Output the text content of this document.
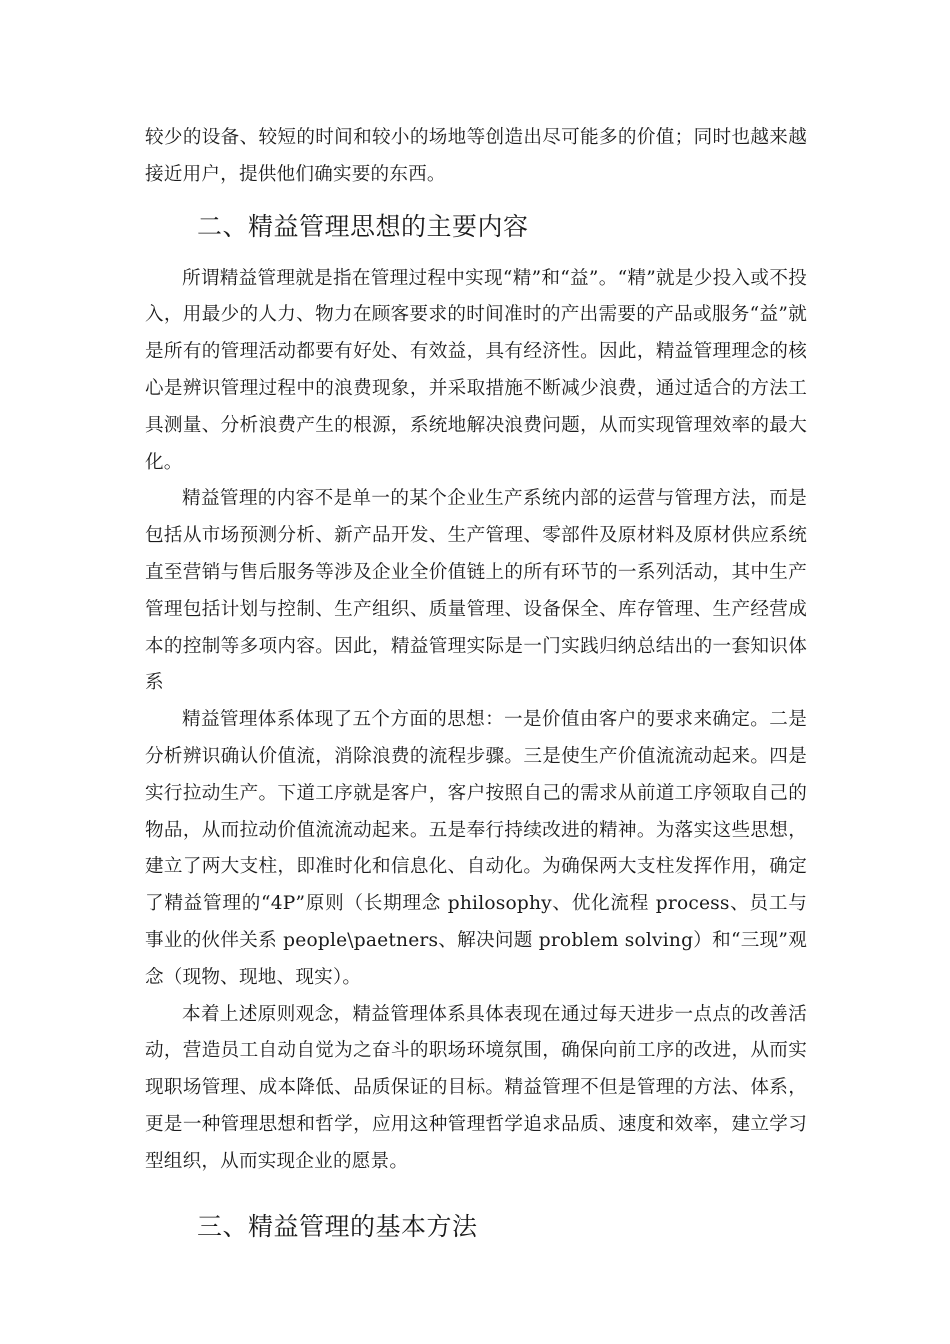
较少的设备、较短的时间和较小的场地等创造出尽可能多的价值；同时也越来越接近用户，提供他们确实要的东西。

二、精益管理思想的主要内容

所谓精益管理就是指在管理过程中实现“精”和“益”。“精”就是少投入或不投入，用最少的人力、物力在顾客要求的时间准时的产出需要的产品或服务“益”就是所有的管理活动都要有好处、有效益，具有经济性。因此，精益管理理念的核心是辨识管理过程中的浪费现象，并采取措施不断减少浪费，通过适合的方法工具测量、分析浪费产生的根源，系统地解决浪费问题，从而实现管理效率的最大化。

精益管理的内容不是单一的某个企业生产系统内部的运营与管理方法，而是包括从市场预测分析、新产品开发、生产管理、零部件及原材料及原材供应系统直至营销与售后服务等涉及企业全价值链上的所有环节的一系列活动，其中生产管理包括计划与控制、生产组织、质量管理、设备保全、库存管理、生产经营成本的控制等多项内容。因此，精益管理实际是一门实践归纳总结出的一套知识体系

精益管理体系体现了五个方面的思想：一是价值由客户的要求来确定。二是分析辨识确认价值流，消除浪费的流程步骤。三是使生产价值流流动起来。四是实行拉动生产。下道工序就是客户，客户按照自己的需求从前道工序领取自己的物品，从而拉动价值流流动起来。五是奉行持续改进的精神。为落实这些思想，建立了两大支柱，即准时化和信息化、自动化。为确保两大支柱发挥作用，确定了精益管理的“4P”原则（长期理念 philosophy、优化流程 process、员工与事业的伙伴关系 people\paetners、解决问题 problem solving）和“三现”观念（现物、现地、现实）。

本着上述原则观念，精益管理体系具体表现在通过每天进步一点点的改善活动，营造员工自动自觉为之奋斗的职场环境氛围，确保向前工序的改进，从而实现职场管理、成本降低、品质保证的目标。精益管理不但是管理的方法、体系，更是一种管理思想和哲学，应用这种管理哲学追求品质、速度和效率，建立学习型组织，从而实现企业的愿景。

三、精益管理的基本方法
